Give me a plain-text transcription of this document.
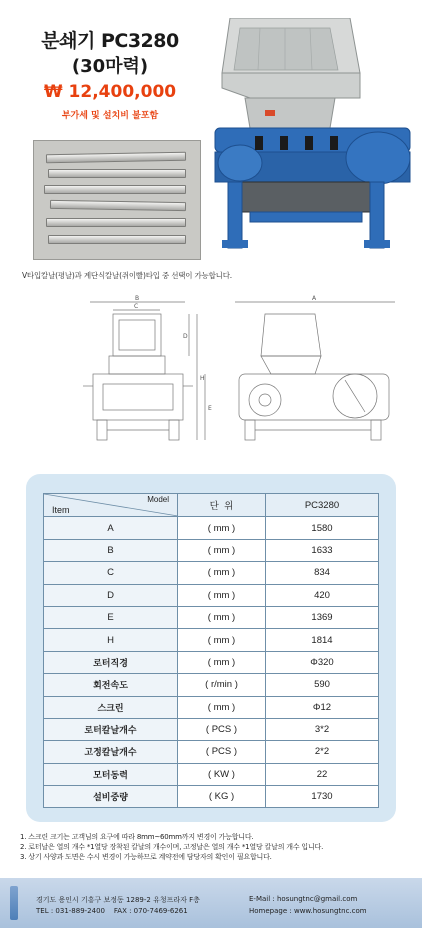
분쇄기 PC3280
(30마력)
₩ 12,400,000
부가세 및 설치비 불포함
V타입칼날(평날)과 계단식칼날(쥐이빨)타입 중 선택이 가능합니다.
B
C
H
D
E
A
Model
Item	단  위	PC3280
A	( mm )	1580
B	( mm )	1633
C	( mm )	834
D	( mm )	420
E	( mm )	1369
H	( mm )	1814
로터직경	( mm )	Φ320
회전속도	( r/min )	590
스크린	( mm )	Φ12
로터칼날개수	( PCS )	3*2
고정칼날개수	( PCS )	2*2
모터동력	( KW )	22
설비중량	( KG )	1730
1. 스크린 크기는 고객님의 요구에 따라 8mm~60mm까지 변경이 가능합니다.
2. 로터날은 열의 개수 *1열당 장착된 칼날의 개수이며, 고정날은 열의 개수 *1열당 칼날의 개수 입니다.
3. 상기 사양과 도면은 수시 변경이 가능하므로 계약전에 담당자의 확인이 필요합니다.
경기도 용인시 기흥구 보정동 1289-2 유청프라자 F층
TEL : 031-889-2400    FAX : 070-7469-6261
E-Mail : hosungtnc@gmail.com
Homepage : www.hosungtnc.com
